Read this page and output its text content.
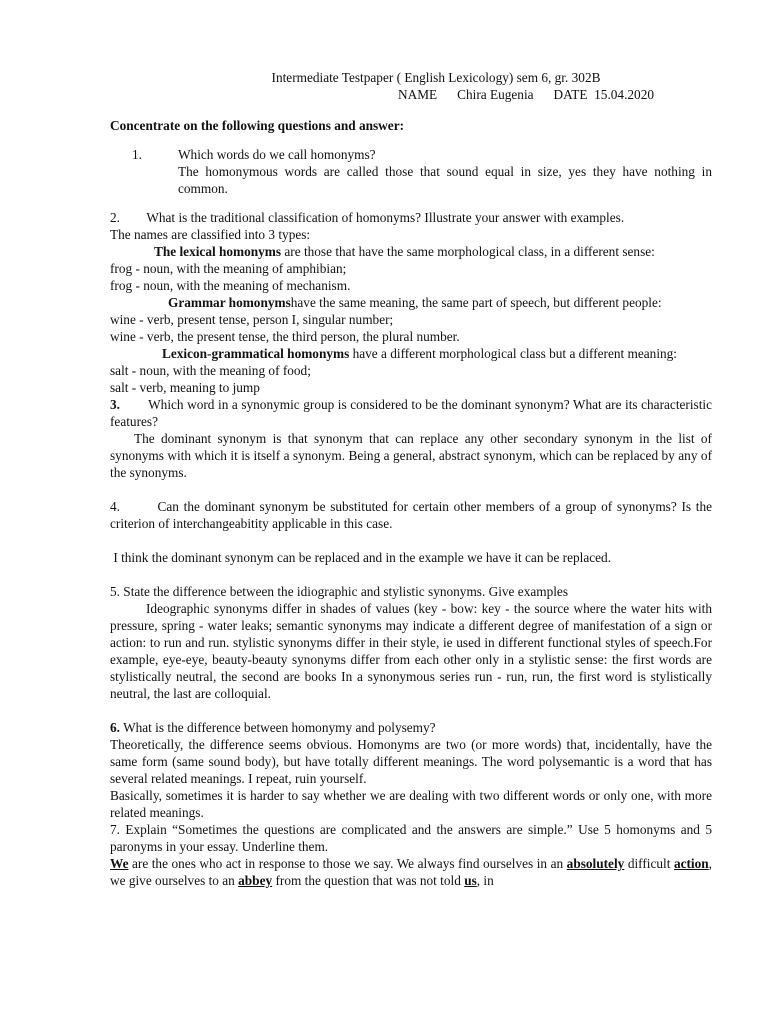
Intermediate Testpaper ( English Lexicology) sem 6, gr. 302B

NAME Chira Eugenia DATE 15.04.2020

Concentrate on the following questions and answer:

1.	Which words do we call homonyms?

The homonymous words are called those that sound equal in size, yes they have nothing in common.

2.        What is the traditional classification of homonyms? Illustrate your answer with examples.

The names are classified into 3 types:

The lexical homonyms are those that have the same morphological class, in a different sense:

frog - noun, with the meaning of amphibian;

frog - noun, with the meaning of mechanism.

Grammar homonymshave the same meaning, the same part of speech, but different people:

wine - verb, present tense, person I, singular number;

wine - verb, the present tense, the third person, the plural number.

Lexicon-grammatical homonyms have a different morphological class but a different meaning:

salt - noun, with the meaning of food;

salt - verb, meaning to jump

3.        Which word in a synonymic group is considered to be the dominant synonym? What are its characteristic features?

The dominant synonym is that synonym that can replace any other secondary synonym in the list of synonyms with which it is itself a synonym. Being a general, abstract synonym, which can be replaced by any of the synonyms.

4.        Can the dominant synonym be substituted for certain other members of a group of synonyms? Is the criterion of interchangeabitity applicable in this case.

I think the dominant synonym can be replaced and in the example we have it can be replaced.

5. State the difference between the idiographic and stylistic synonyms. Give examples

Ideographic synonyms differ in shades of values (key - bow: key - the source where the water hits with pressure, spring - water leaks; semantic synonyms may indicate a different degree of manifestation of a sign or action: to run and run. stylistic synonyms differ in their style, ie used in different functional styles of speech.For example, eye-eye, beauty-beauty synonyms differ from each other only in a stylistic sense: the first words are stylistically neutral, the second are books In a synonymous series run - run, run, the first word is stylistically neutral, the last are colloquial.

6. What is the difference between homonymy and polysemy?

Theoretically, the difference seems obvious. Homonyms are two (or more words) that, incidentally, have the same form (same sound body), but have totally different meanings. The word polysemantic is a word that has several related meanings. I repeat, ruin yourself.

Basically, sometimes it is harder to say whether we are dealing with two different words or only one, with more related meanings.

7. Explain “Sometimes the questions are complicated and the answers are simple.” Use 5 homonyms and 5 paronyms in your essay. Underline them.

We are the ones who act in response to those we say. We always find ourselves in an absolutely difficult action, we give ourselves to an abbey from the question that was not told us, in
